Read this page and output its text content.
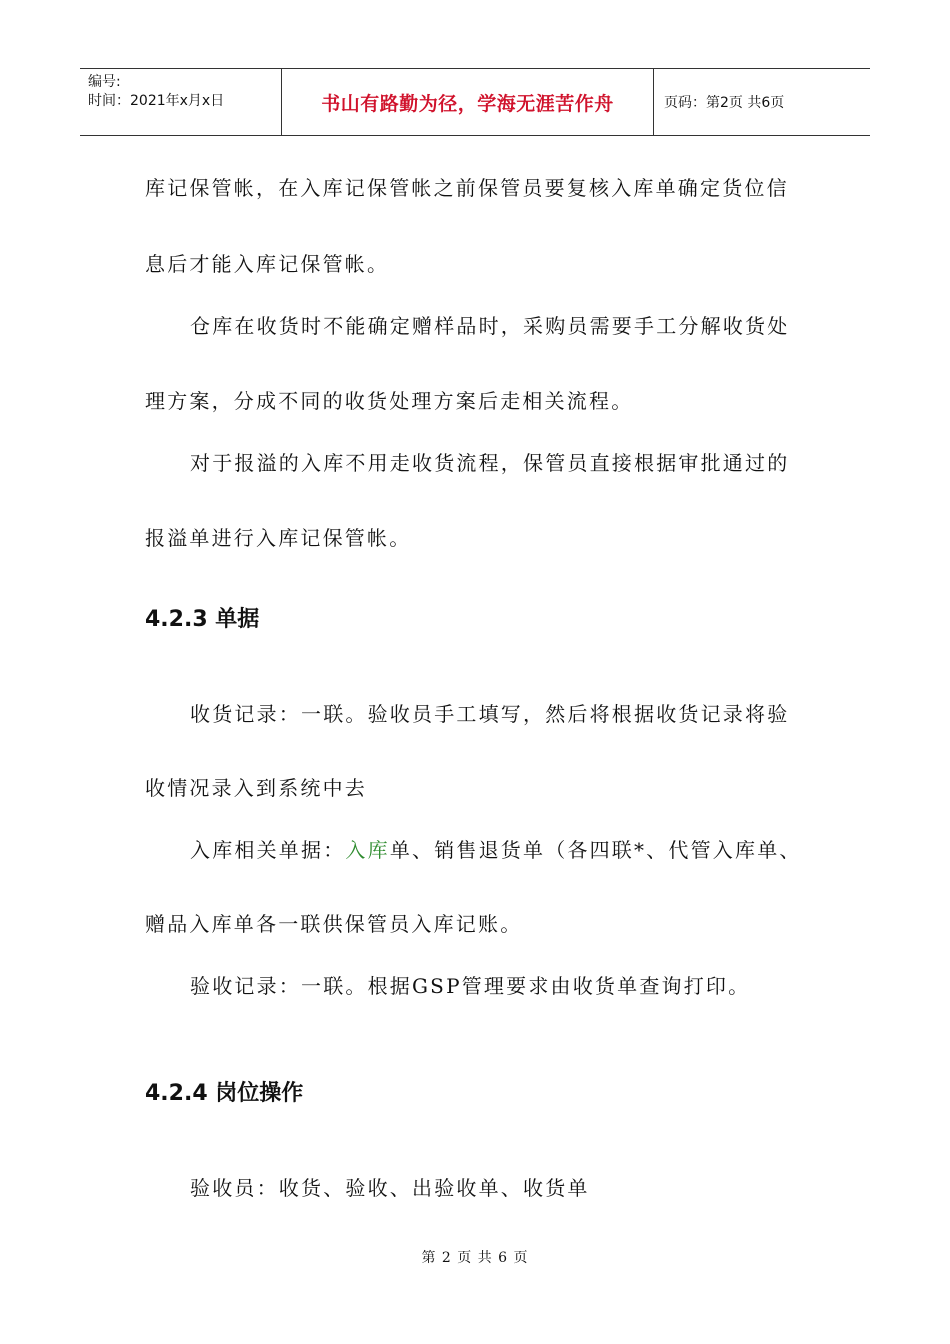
编号:
时间：2021年x月x日	书山有路勤为径，学海无涯苦作舟	页码：第2页 共6页
库记保管帐，在入库记保管帐之前保管员要复核入库单确定货位信
息后才能入库记保管帐。
仓库在收货时不能确定赠样品时，采购员需要手工分解收货处
理方案，分成不同的收货处理方案后走相关流程。
对于报溢的入库不用走收货流程，保管员直接根据审批通过的
报溢单进行入库记保管帐。
4.2.3 单据
收货记录：一联。验收员手工填写，然后将根据收货记录将验
收情况录入到系统中去
入库相关单据：入库单、销售退货单（各四联*、代管入库单、
赠品入库单各一联供保管员入库记账。
验收记录：一联。根据GSP管理要求由收货单查询打印。
4.2.4 岗位操作
验收员：收货、验收、出验收单、收货单
第 2 页 共 6 页
